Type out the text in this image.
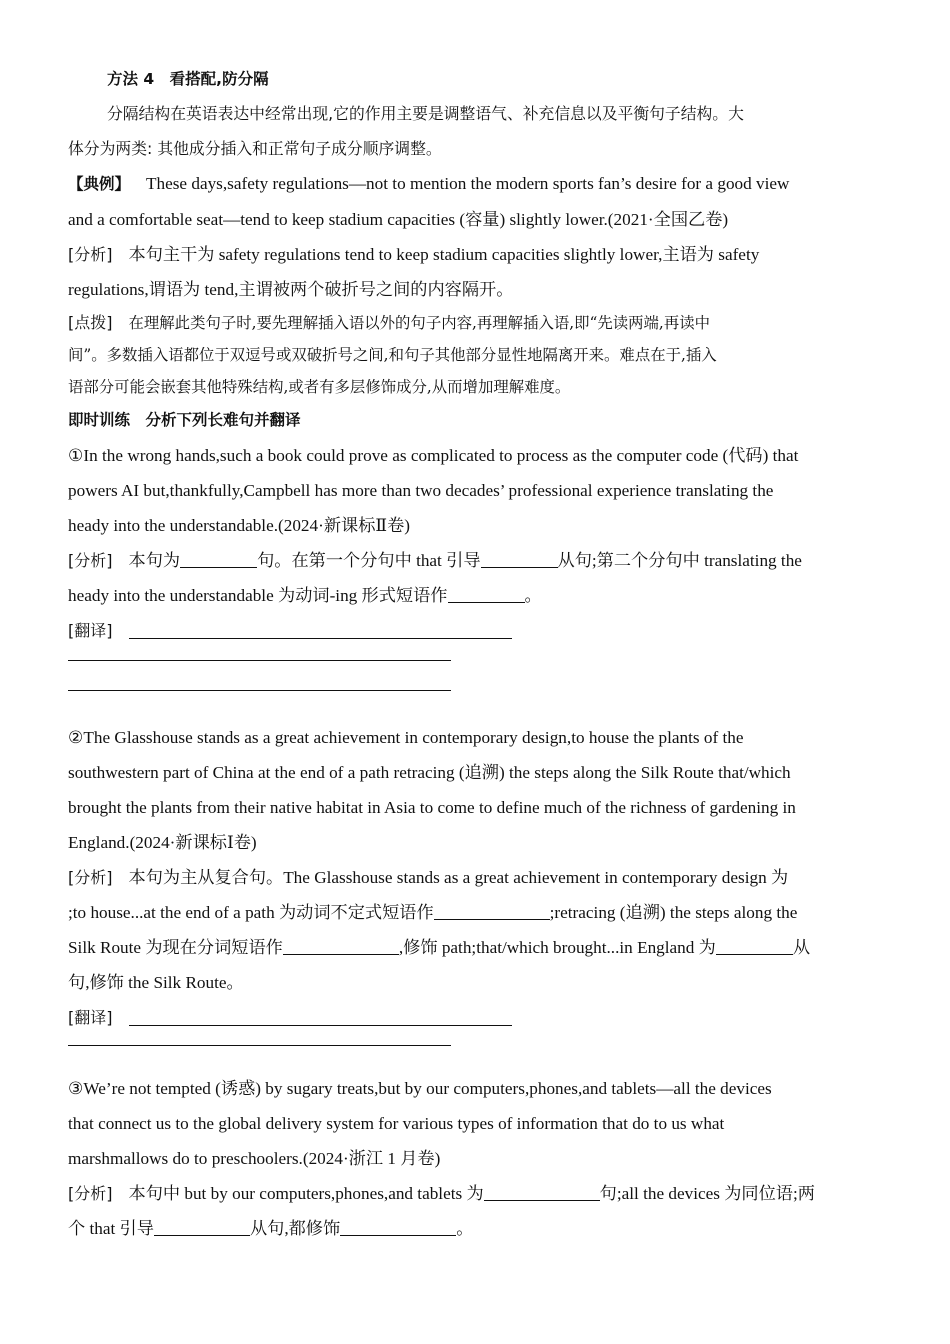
方法 4　看搭配,防分隔
分隔结构在英语表达中经常出现,它的作用主要是调整语气、补充信息以及平衡句子结构。大
体分为两类: 其他成分插入和正常句子成分顺序调整。
【典例】 These days,safety regulations—not to mention the modern sports fan’s desire for a good view
and a comfortable seat—tend to keep stadium capacities (容量) slightly lower.(2021·全国乙卷)
[分析] 本句主干为 safety regulations tend to keep stadium capacities slightly lower,主语为 safety
regulations,谓语为 tend,主谓被两个破折号之间的内容隔开。
[点拨] 在理解此类句子时,要先理解插入语以外的句子内容,再理解插入语,即“先读两端,再读中
间”。多数插入语都位于双逗号或双破折号之间,和句子其他部分显性地隔离开来。难点在于,插入
语部分可能会嵌套其他特殊结构,或者有多层修饰成分,从而增加理解难度。
即时训练　分析下列长难句并翻译
①In the wrong hands,such a book could prove as complicated to process as the computer code (代码) that
powers AI but,thankfully,Campbell has more than two decades’ professional experience translating the
heady into the understandable.(2024·新课标Ⅱ卷)
[分析] 本句为	句。在第一个分句中 that 引导	从句;第二个分句中 translating the
heady into the understandable 为动词-ing 形式短语作	。
[翻译]
②The Glasshouse stands as a great achievement in contemporary design,to house the plants of the
southwestern part of China at the end of a path retracing (追溯) the steps along the Silk Route that/which
brought the plants from their native habitat in Asia to come to define much of the richness of gardening in
England.(2024·新课标Ⅰ卷)
[分析] 本句为主从复合句。The Glasshouse stands as a great achievement in contemporary design 为
;to house...at the end of a path 为动词不定式短语作	;retracing (追溯) the steps along the
Silk Route 为现在分词短语作	,修饰 path;that/which brought...in England 为	从
句,修饰 the Silk Route。
[翻译]
③We’re not tempted (诱惑) by sugary treats,but by our computers,phones,and tablets—all the devices
that connect us to the global delivery system for various types of information that do to us what
marshmallows do to preschoolers.(2024·浙江 1 月卷)
[分析] 本句中 but by our computers,phones,and tablets 为	句;all the devices 为同位语;两
个 that 引导	从句,都修饰	。
